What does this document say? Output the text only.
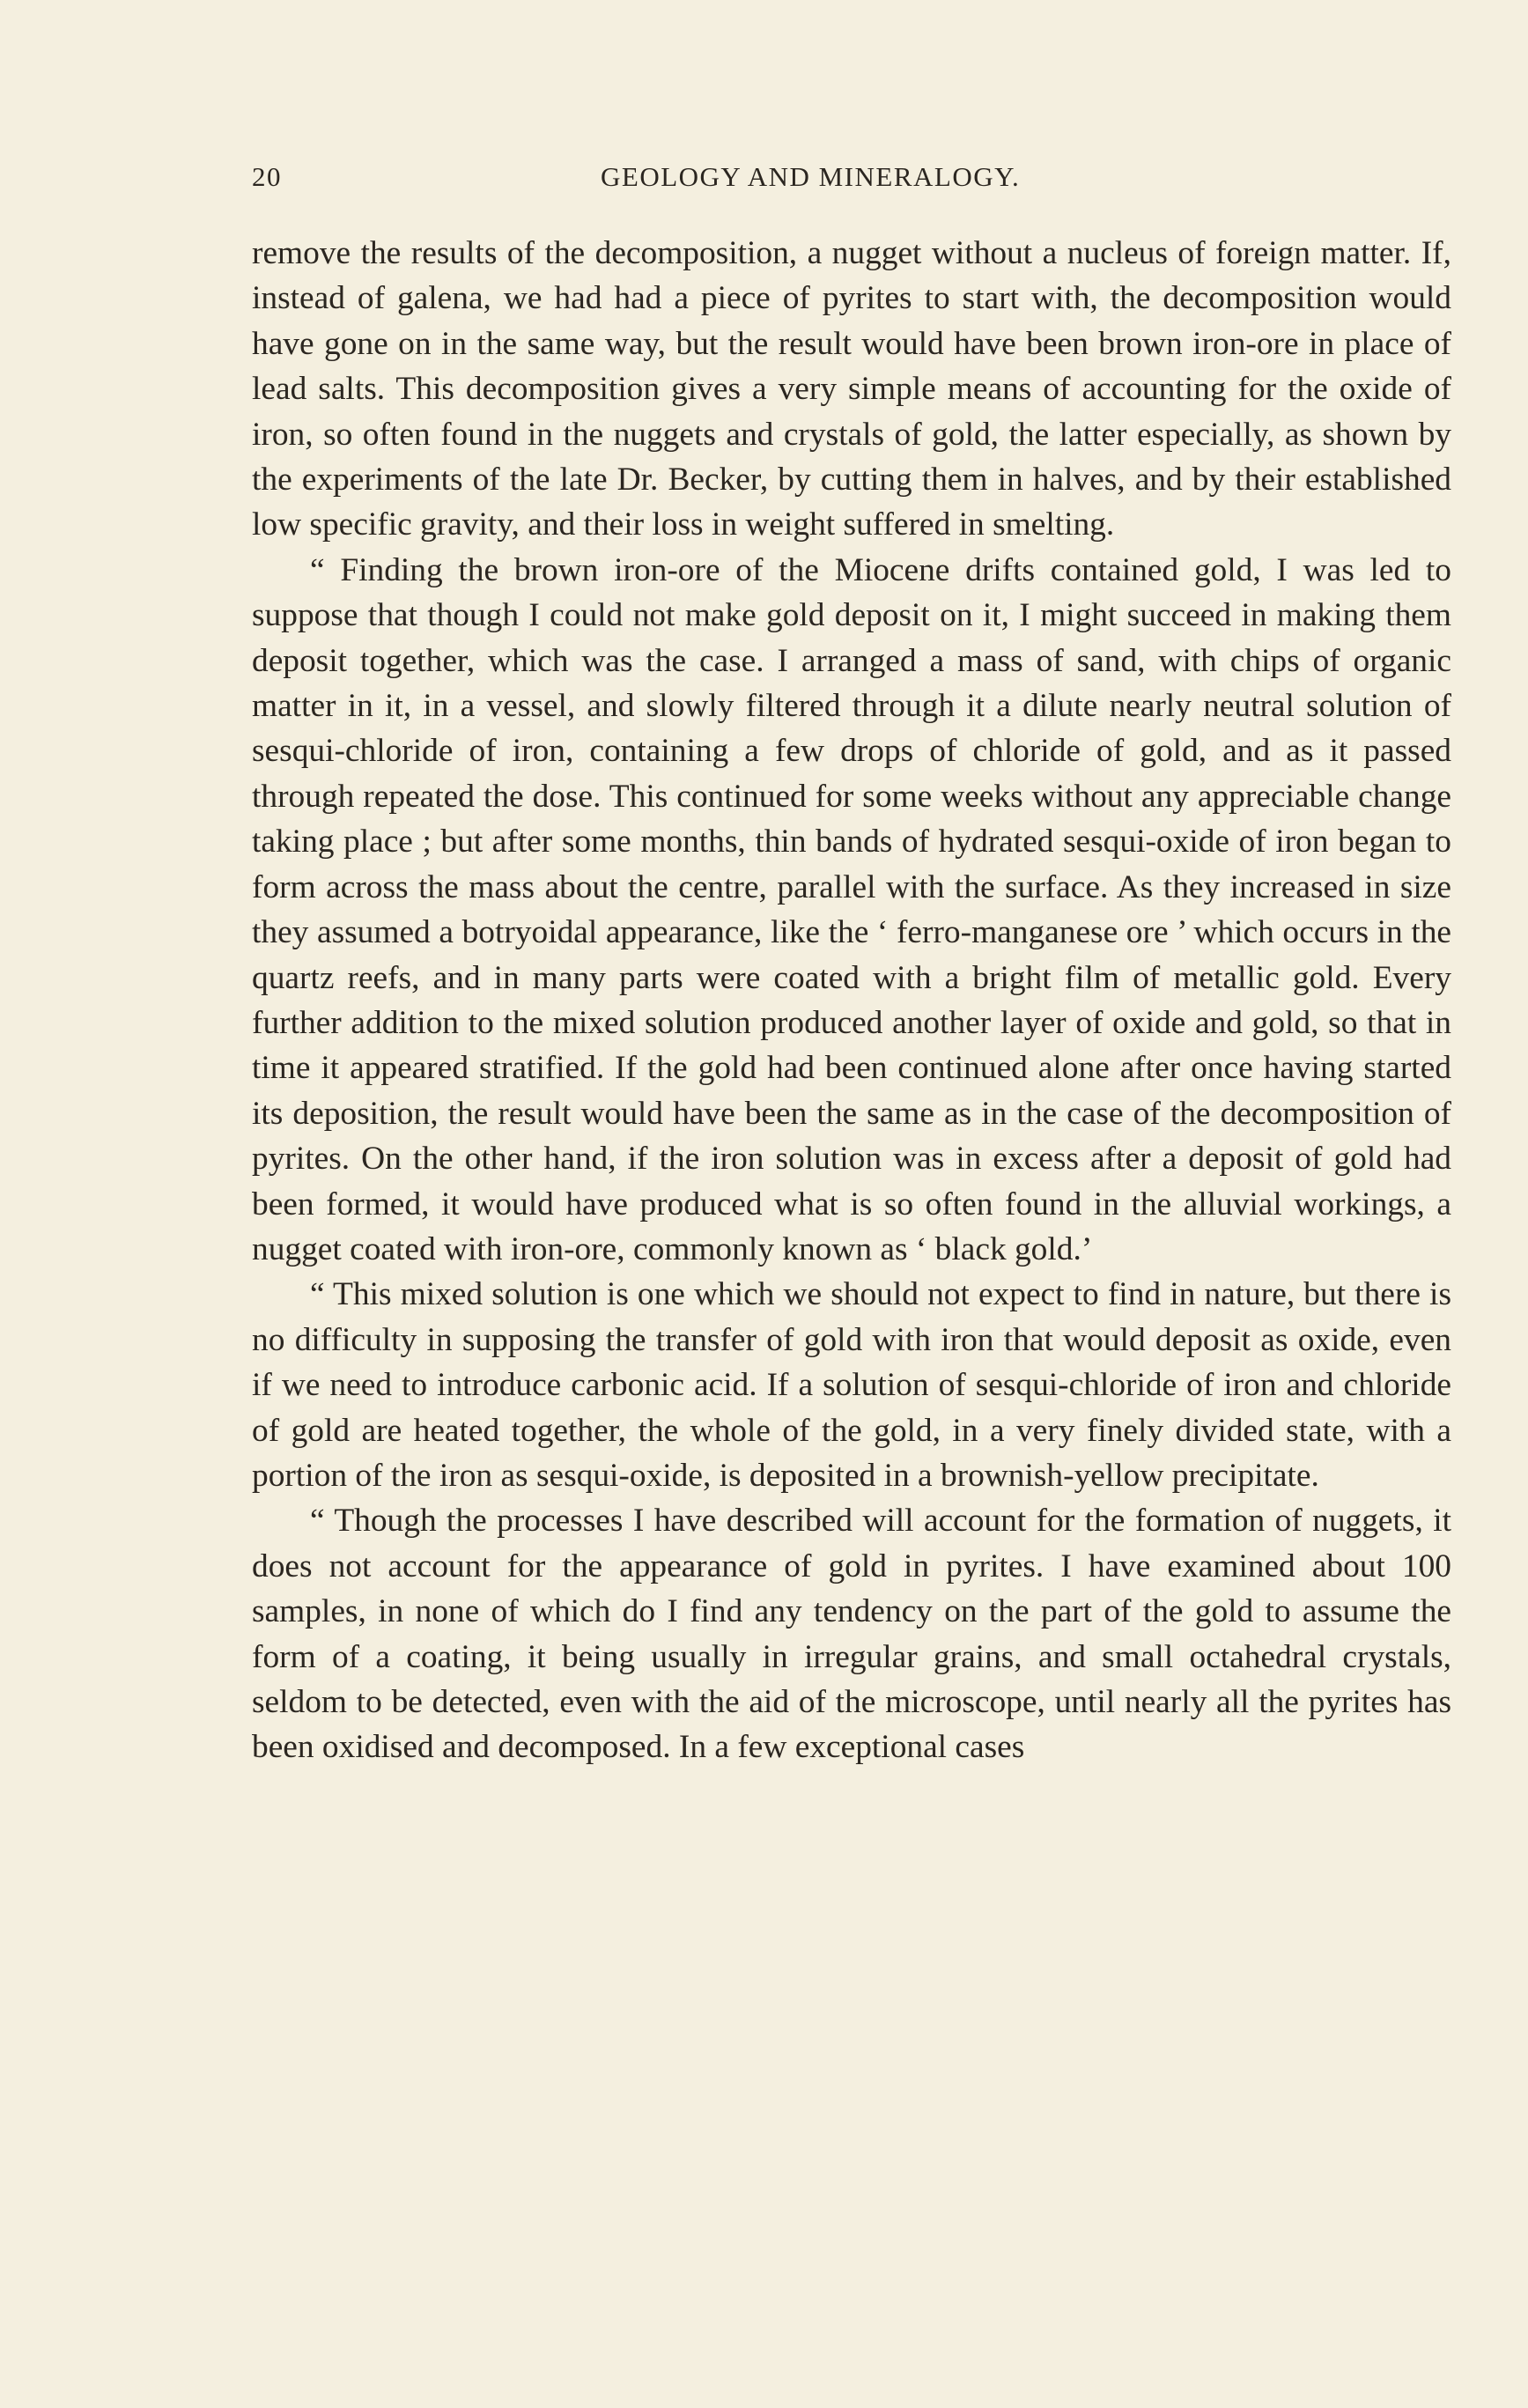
20	GEOLOGY AND MINERALOGY.

remove the results of the decomposition, a nugget without a nucleus of foreign matter. If, instead of galena, we had had a piece of pyrites to start with, the decomposition would have gone on in the same way, but the result would have been brown iron-ore in place of lead salts. This decomposition gives a very simple means of accounting for the oxide of iron, so often found in the nuggets and crystals of gold, the latter especially, as shown by the experiments of the late Dr. Becker, by cutting them in halves, and by their established low specific gravity, and their loss in weight suffered in smelting.

“ Finding the brown iron-ore of the Miocene drifts contained gold, I was led to suppose that though I could not make gold deposit on it, I might succeed in making them deposit together, which was the case. I arranged a mass of sand, with chips of organic matter in it, in a vessel, and slowly filtered through it a dilute nearly neutral solution of sesqui-chloride of iron, containing a few drops of chloride of gold, and as it passed through repeated the dose. This continued for some weeks without any appreciable change taking place ; but after some months, thin bands of hydrated sesqui-oxide of iron began to form across the mass about the centre, parallel with the surface. As they increased in size they assumed a botryoidal appearance, like the ‘ ferro-manganese ore ’ which occurs in the quartz reefs, and in many parts were coated with a bright film of metallic gold. Every further addition to the mixed solution produced another layer of oxide and gold, so that in time it appeared stratified. If the gold had been continued alone after once having started its deposition, the result would have been the same as in the case of the decomposition of pyrites. On the other hand, if the iron solution was in excess after a deposit of gold had been formed, it would have produced what is so often found in the alluvial workings, a nugget coated with iron-ore, commonly known as ‘ black gold.’

“ This mixed solution is one which we should not expect to find in nature, but there is no difficulty in supposing the transfer of gold with iron that would deposit as oxide, even if we need to introduce carbonic acid. If a solution of sesqui-chloride of iron and chloride of gold are heated together, the whole of the gold, in a very finely divided state, with a portion of the iron as sesqui-oxide, is deposited in a brownish-yellow precipitate.

“ Though the processes I have described will account for the formation of nuggets, it does not account for the appearance of gold in pyrites. I have examined about 100 samples, in none of which do I find any tendency on the part of the gold to assume the form of a coating, it being usually in irregular grains, and small octahedral crystals, seldom to be detected, even with the aid of the microscope, until nearly all the pyrites has been oxidised and decomposed. In a few exceptional cases
